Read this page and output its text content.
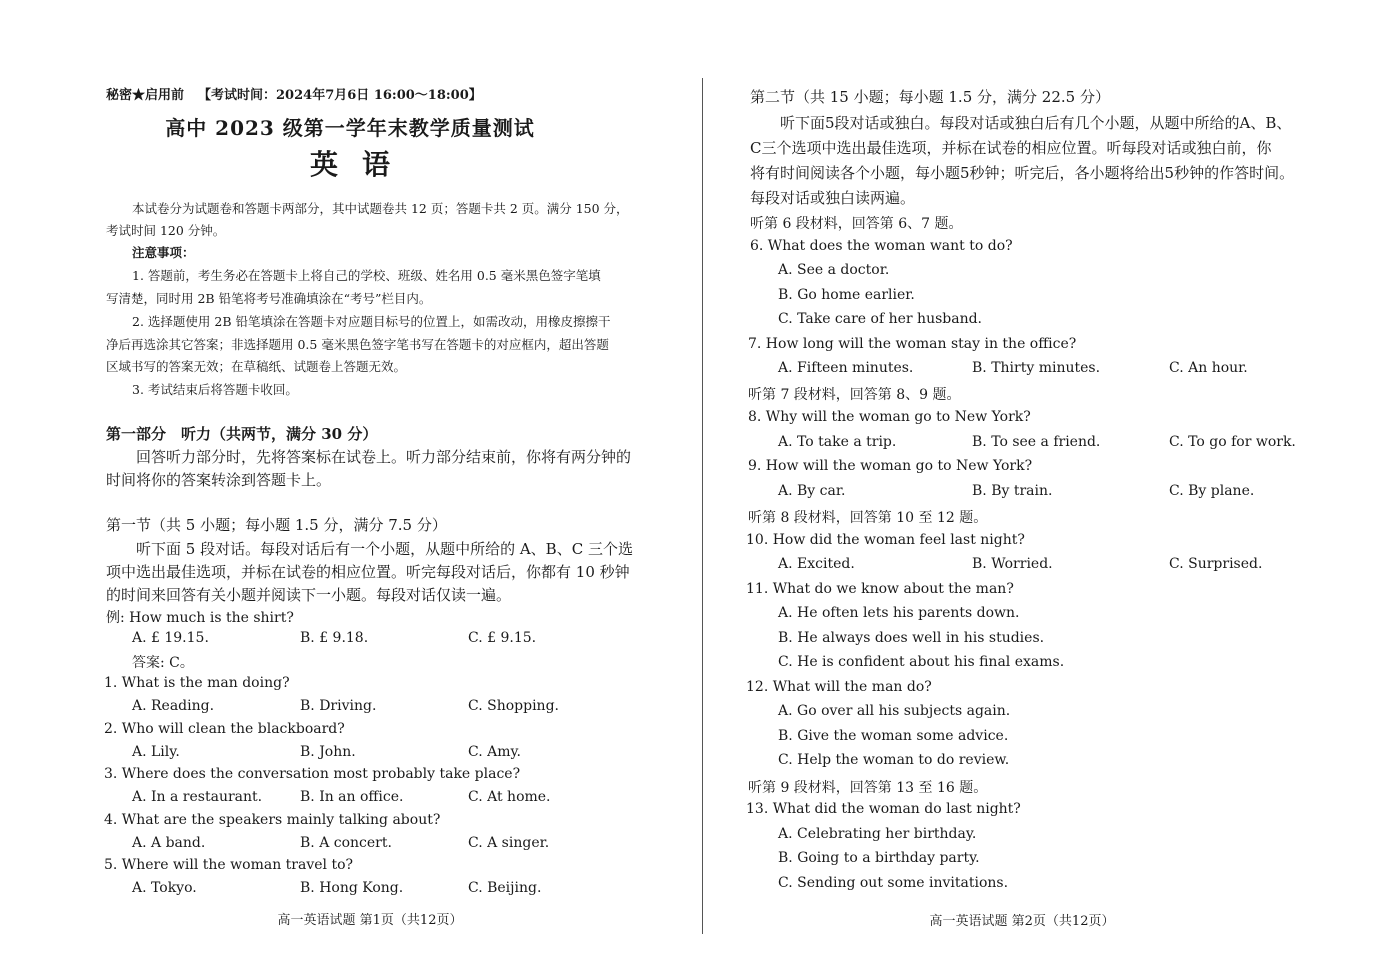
秘密★启用前 【考试时间：2024年7月6日 16:00～18:00】
高中 2023 级第一学年末教学质量测试
英语
本试卷分为试题卷和答题卡两部分，其中试题卷共 12 页；答题卡共 2 页。满分 150 分，
考试时间 120 分钟。
注意事项：
1. 答题前，考生务必在答题卡上将自己的学校、班级、姓名用 0.5 毫米黑色签字笔填
写清楚，同时用 2B 铅笔将考号准确填涂在“考号”栏目内。
2. 选择题使用 2B 铅笔填涂在答题卡对应题目标号的位置上，如需改动，用橡皮擦擦干
净后再选涂其它答案；非选择题用 0.5 毫米黑色签字笔书写在答题卡的对应框内，超出答题
区域书写的答案无效；在草稿纸、试题卷上答题无效。
3. 考试结束后将答题卡收回。
第一部分　听力（共两节，满分 30 分）
回答听力部分时，先将答案标在试卷上。听力部分结束前，你将有两分钟的
时间将你的答案转涂到答题卡上。
第一节（共 5 小题；每小题 1.5 分，满分 7.5 分）
听下面 5 段对话。每段对话后有一个小题，从题中所给的 A、B、C 三个选
项中选出最佳选项，并标在试卷的相应位置。听完每段对话后，你都有 10 秒钟
的时间来回答有关小题并阅读下一小题。每段对话仅读一遍。
例: How much is the shirt?
A. £ 19.15.	B. £ 9.18.	C. £ 9.15.
答案: C。
1. What is the man doing?
A. Reading.	B. Driving.	C. Shopping.
2. Who will clean the blackboard?
A. Lily.	B. John.	C. Amy.
3. Where does the conversation most probably take place?
A. In a restaurant.	B. In an office.	C. At home.
4. What are the speakers mainly talking about?
A. A band.	B. A concert.	C. A singer.
5. Where will the woman travel to?
A. Tokyo.	B. Hong Kong.	C. Beijing.
高一英语试题 第1页（共12页）
第二节（共 15 小题；每小题 1.5 分，满分 22.5 分）
听下面5段对话或独白。每段对话或独白后有几个小题，从题中所给的A、B、
C三个选项中选出最佳选项，并标在试卷的相应位置。听每段对话或独白前，你
将有时间阅读各个小题，每小题5秒钟；听完后，各小题将给出5秒钟的作答时间。
每段对话或独白读两遍。
听第 6 段材料，回答第 6、7 题。
6. What does the woman want to do?
A. See a doctor.
B. Go home earlier.
C. Take care of her husband.
7. How long will the woman stay in the office?
A. Fifteen minutes.	B. Thirty minutes.	C. An hour.
听第 7 段材料，回答第 8、9 题。
8. Why will the woman go to New York?
A. To take a trip.	B. To see a friend.	C. To go for work.
9. How will the woman go to New York?
A. By car.	B. By train.	C. By plane.
听第 8 段材料，回答第 10 至 12 题。
10. How did the woman feel last night?
A. Excited.	B. Worried.	C. Surprised.
11. What do we know about the man?
A. He often lets his parents down.
B. He always does well in his studies.
C. He is confident about his final exams.
12. What will the man do?
A. Go over all his subjects again.
B. Give the woman some advice.
C. Help the woman to do review.
听第 9 段材料，回答第 13 至 16 题。
13. What did the woman do last night?
A. Celebrating her birthday.
B. Going to a birthday party.
C. Sending out some invitations.
高一英语试题 第2页（共12页）
